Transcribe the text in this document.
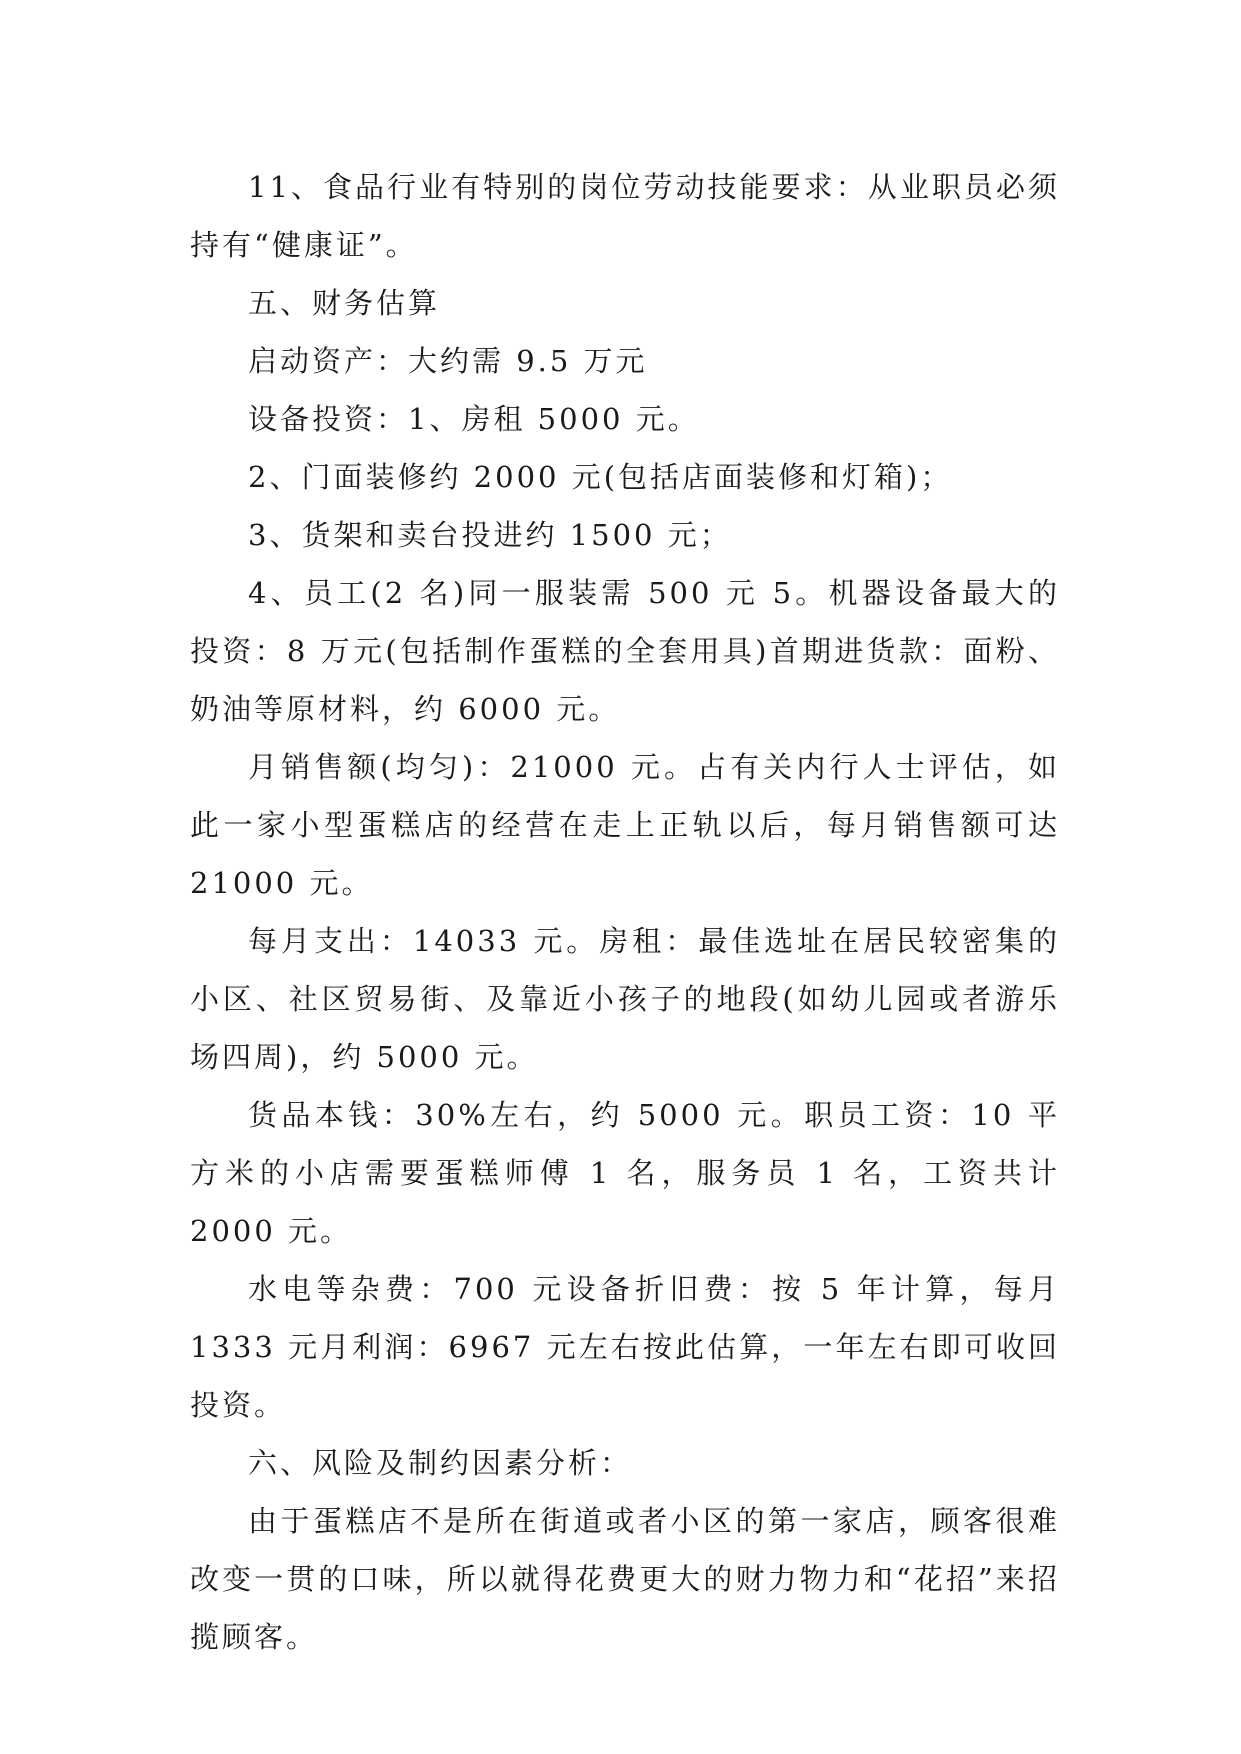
11、食品行业有特别的岗位劳动技能要求：从业职员必须持有“健康证”。

五、财务估算

启动资产：大约需 9.5 万元

设备投资：1、房租 5000 元。

2、门面装修约 2000 元(包括店面装修和灯箱)；

3、货架和卖台投进约 1500 元；

4、员工(2 名)同一服装需 500 元 5。机器设备最大的投资：8 万元(包括制作蛋糕的全套用具)首期进货款：面粉、奶油等原材料，约 6000 元。

月销售额(均匀)：21000 元。占有关内行人士评估，如此一家小型蛋糕店的经营在走上正轨以后，每月销售额可达 21000 元。

每月支出：14033 元。房租：最佳选址在居民较密集的小区、社区贸易街、及靠近小孩子的地段(如幼儿园或者游乐场四周)，约 5000 元。

货品本钱：30%左右，约 5000 元。职员工资：10 平方米的小店需要蛋糕师傅 1 名，服务员 1 名，工资共计 2000 元。

水电等杂费：700 元设备折旧费：按 5 年计算，每月 1333 元月利润：6967 元左右按此估算，一年左右即可收回投资。

六、风险及制约因素分析：

由于蛋糕店不是所在街道或者小区的第一家店，顾客很难改变一贯的口味，所以就得花费更大的财力物力和“花招”来招揽顾客。
